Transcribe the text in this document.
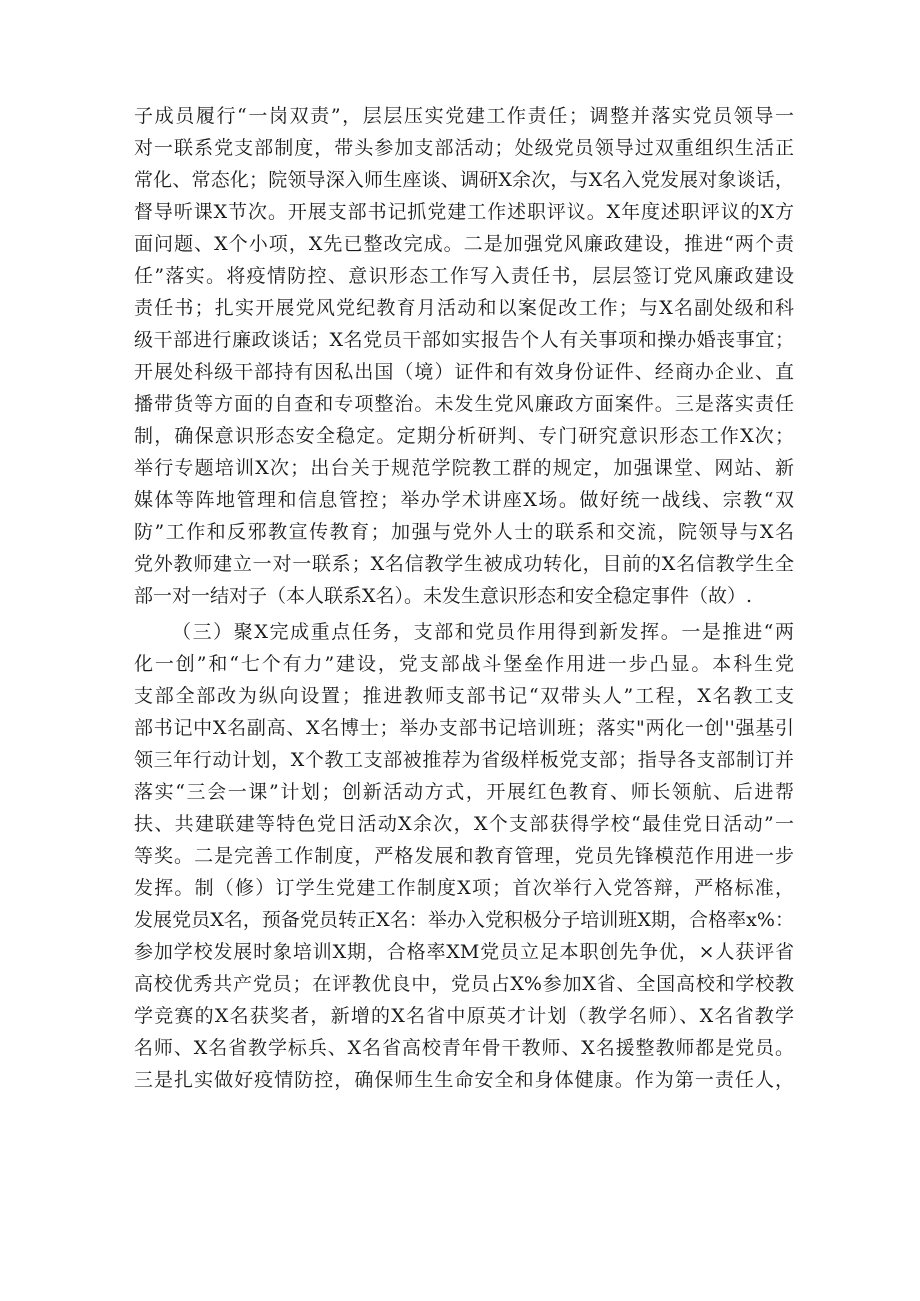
子成员履行“一岗双责”，层层压实党建工作责任；调整并落实党员领导一
对一联系党支部制度，带头参加支部活动；处级党员领导过双重组织生活正
常化、常态化；院领导深入师生座谈、调研X余次，与X名入党发展对象谈话，
督导听课X节次。开展支部书记抓党建工作述职评议。X年度述职评议的X方
面问题、X个小项，X先已整改完成。二是加强党风廉政建设，推进“两个责
任”落实。将疫情防控、意识形态工作写入责任书，层层签订党风廉政建设
责任书；扎实开展党风党纪教育月活动和以案促改工作；与X名副处级和科
级干部进行廉政谈话；X名党员干部如实报告个人有关事项和操办婚丧事宜；
开展处科级干部持有因私出国（境）证件和有效身份证件、经商办企业、直
播带货等方面的自查和专项整治。未发生党风廉政方面案件。三是落实责任
制，确保意识形态安全稳定。定期分析研判、专门研究意识形态工作X次；
举行专题培训X次；出台关于规范学院教工群的规定，加强课堂、网站、新
媒体等阵地管理和信息管控；举办学术讲座X场。做好统一战线、宗教“双
防”工作和反邪教宣传教育；加强与党外人士的联系和交流，院领导与X名
党外教师建立一对一联系；X名信教学生被成功转化，目前的X名信教学生全
部一对一结对子（本人联系X名）。未发生意识形态和安全稳定事件（故）.
（三）聚X完成重点任务，支部和党员作用得到新发挥。一是推进“两
化一创”和“七个有力”建设，党支部战斗堡垒作用进一步凸显。本科生党
支部全部改为纵向设置；推进教师支部书记“双带头人”工程，X名教工支
部书记中X名副高、X名博士；举办支部书记培训班；落实"两化一创''强基引
领三年行动计划，X个教工支部被推荐为省级样板党支部；指导各支部制订并
落实“三会一课”计划；创新活动方式，开展红色教育、师长领航、后进帮
扶、共建联建等特色党日活动X余次，X个支部获得学校“最佳党日活动”一
等奖。二是完善工作制度，严格发展和教育管理，党员先锋模范作用进一步
发挥。制（修）订学生党建工作制度X项；首次举行入党答辩，严格标准，
发展党员X名，预备党员转正X名：举办入党积极分子培训班X期，合格率x%：
参加学校发展时象培训X期，合格率XM党员立足本职创先争优，×人获评省
高校优秀共产党员；在评教优良中，党员占X%参加X省、全国高校和学校教
学竞赛的X名获奖者，新增的X名省中原英才计划（教学名师）、X名省教学
名师、X名省教学标兵、X名省高校青年骨干教师、X名援整教师都是党员。
三是扎实做好疫情防控，确保师生生命安全和身体健康。作为第一责任人，
